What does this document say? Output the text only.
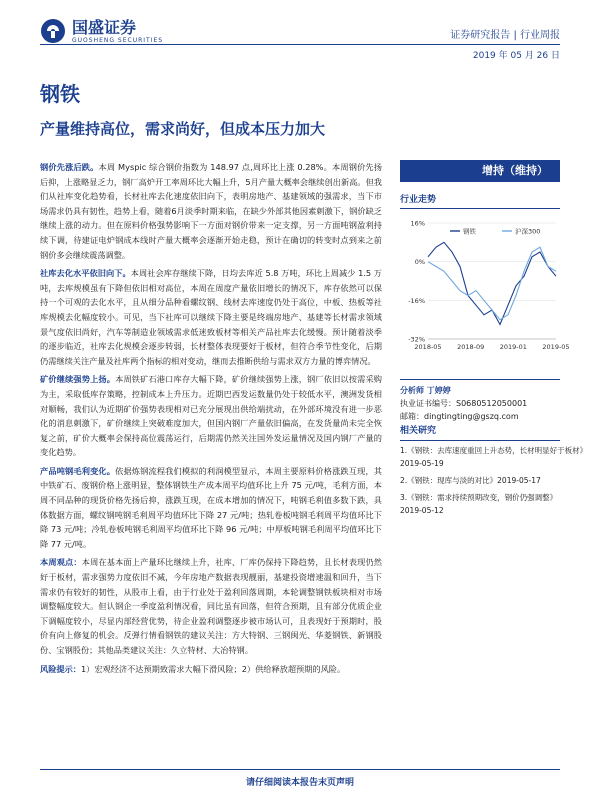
国盛证券
GUOSHENG SECURITIES	证券研究报告 | 行业周报
2019 年 05 月 26 日
钢铁
产量维持高位，需求尚好，但成本压力加大

钢价先涨后跌。本周 Myspic 综合钢价指数为 148.97 点,周环比上涨 0.28%。本周钢价先扬后抑，上涨略显乏力，钢厂高炉开工率周环比大幅上升，5月产量大概率会继续创出新高。但我们从社库变化趋势看，长材社库去化速度依旧向下，表明房地产、基建领域的强需求，当下市场需求仍具有韧性，趋势上看，随着6月淡季时期来临，在缺少外部其他因素刺激下，钢价缺乏继续上涨的动力。但在原料价格强势影响下一方面对钢价带来一定支撑，另一方面吨钢盈利持续下调，待建证电炉钢成本线时产量大概率会逐渐开始走稳，预计在确切的转变时点到来之前钢价多会继续震荡调整。

社库去化水平依旧向下。本周社会库存继续下降，日均去库近 5.8 万吨，环比上周减少 1.5 万吨，去库规模虽有下降但依旧相对高位，本周在周度产量依旧增长的情况下，库存依然可以保持一个可观的去化水平，且从细分品种看螺纹钢、线材去库速度仍处于高位，中板、热板等社库规模去化幅度较小。可见，当下社库可以继续下降主要是终端房地产、基建等长材需求领域景气度依旧尚好，汽车等制造业领域需求低迷致板材等相关产品社库去化缓慢。预计随着淡季的逐步临近，社库去化规模会逐步转弱，长材整体表现要好于板材，但符合季节性变化，后期仍需继续关注产量及社库两个指标的相对变动，继而去推断供给与需求双方力量的博弈情况。

矿价继续强势上扬。本周铁矿石港口库存大幅下降，矿价继续强势上涨，钢厂依旧以按需采购为主，采取低库存策略，控制成本上升压力。近期巴西发运数量仍处于较低水平，澳洲发货相对顺畅，我们认为近期矿价强势表现相对已充分展现出供给端扰动，在外部环境没有进一步恶化的消息刺激下，矿价继续上突破难度加大，但国内钢厂产量依旧偏高，在发货量尚未完全恢复之前，矿价大概率会保持高位震荡运行，后期需仍然关注国外发运量情况及国内钢厂产量的变化趋势。

产品吨钢毛利变化。依据炼钢流程我们模拟的利润模型显示，本周主要原料价格涨跌互现，其中铁矿石、废钢价格上涨明显，整体钢铁生产成本周平均值环比上升 75 元/吨，毛利方面，本周不同品种的现货价格先扬后抑，涨跌互现，在成本增加的情况下，吨钢毛利值多数下跌，具体数据方面，螺纹钢吨钢毛利周平均值环比下降 27 元/吨；热轧卷板吨钢毛利周平均值环比下降 73 元/吨；冷轧卷板吨钢毛利周平均值环比下降 96 元/吨；中厚板吨钢毛利周平均值环比下降 77 元/吨。

本周观点：本周在基本面上产量环比继续上升，社库、厂库仍保持下降趋势，且长材表现仍然好于板材，需求强势力度依旧不减，今年房地产数据表现靓丽，基建投资增速温和回升，当下需求仍有较好的韧性，从股市上看，由于行业处于盈利回落周期，本轮调整钢铁板块相对市场调整幅度较大。但认钢企一季度盈利情况看，同比虽有回落，但符合预期，且有部分优质企业下调幅度较小，尽显内部经营优势，待企业盈利调整逐步被市场认可，且表现好于预期时，股价有向上修复的机会。反弹行情看钢铁的建议关注：方大特钢、三钢闽光、华菱钢铁、新钢股份、宝钢股份；其他品类建议关注：久立特材、大冶特钢。

风险提示：1）宏观经济不达预期致需求大幅下滑风险；2）供给释放超预期的风险。

增持（维持）
行业走势
16%
0%
-16%
-32%
2018-05 2018-09 2019-01 2019-05
钢铁	沪深300
分析师 丁婷婷
执业证书编号：S0680512050001
邮箱：dingtingting@gszq.com
相关研究
1.《钢铁：去库速度重回上升态势，长材明显好于板材》
2019-05-19
2.《钢铁：现库与淡的对比》2019-05-17
3.《钢铁：需求持续预期改变，钢价仍强调整》
2019-05-12
请仔细阅读本报告末页声明
